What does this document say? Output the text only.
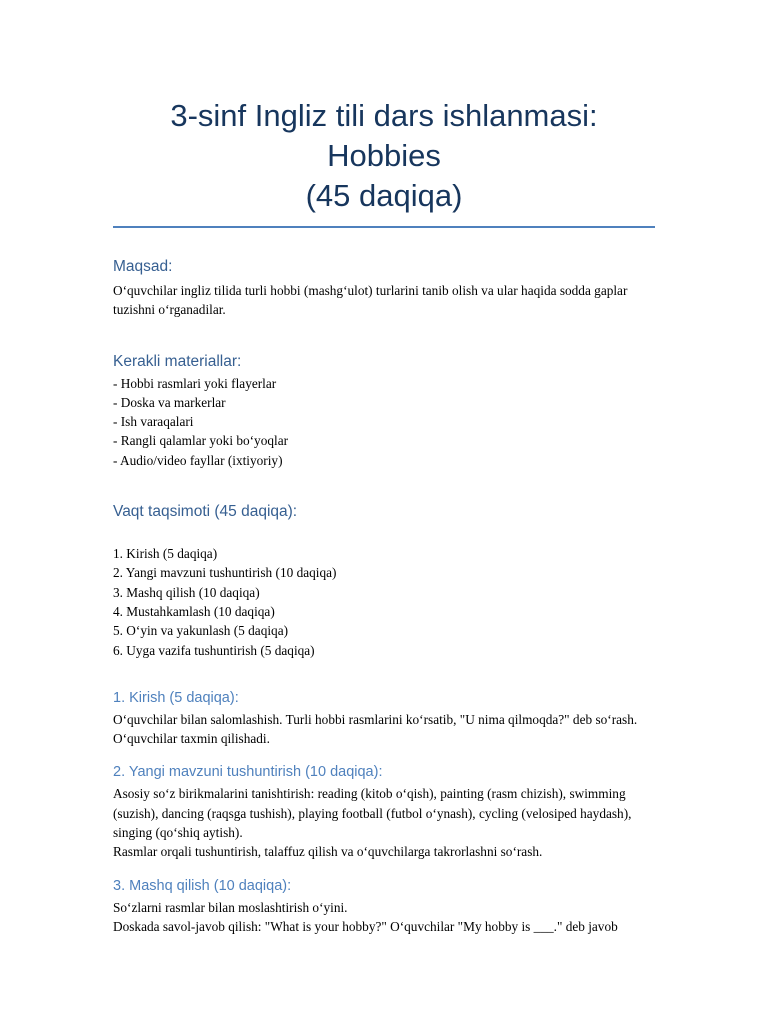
3-sinf Ingliz tili dars ishlanmasi: Hobbies
(45 daqiqa)
Maqsad:

O‘quvchilar ingliz tilida turli hobbi (mashg‘ulot) turlarini tanib olish va ular haqida sodda gaplar tuzishni o‘rganadilar.

Kerakli materiallar:
- Hobbi rasmlari yoki flayerlar
- Doska va markerlar
- Ish varaqalari
- Rangli qalamlar yoki bo‘yoqlar
- Audio/video fayllar (ixtiyoriy)
Vaqt taqsimoti (45 daqiqa):
1. Kirish (5 daqiqa)
2. Yangi mavzuni tushuntirish (10 daqiqa)
3. Mashq qilish (10 daqiqa)
4. Mustahkamlash (10 daqiqa)
5. O‘yin va yakunlash (5 daqiqa)
6. Uyga vazifa tushuntirish (5 daqiqa)
1. Kirish (5 daqiqa):

O‘quvchilar bilan salomlashish. Turli hobbi rasmlarini ko‘rsatib, "U nima qilmoqda?" deb so‘rash. O‘quvchilar taxmin qilishadi.

2. Yangi mavzuni tushuntirish (10 daqiqa):

Asosiy so‘z birikmalarini tanishtirish: reading (kitob o‘qish), painting (rasm chizish), swimming (suzish), dancing (raqsga tushish), playing football (futbol o‘ynash), cycling (velosiped haydash), singing (qo‘shiq aytish).

Rasmlar orqali tushuntirish, talaffuz qilish va o‘quvchilarga takrorlashni so‘rash.

3. Mashq qilish (10 daqiqa):

So‘zlarni rasmlar bilan moslashtirish o‘yini.

Doskada savol-javob qilish: "What is your hobby?" O‘quvchilar "My hobby is ___." deb javob
